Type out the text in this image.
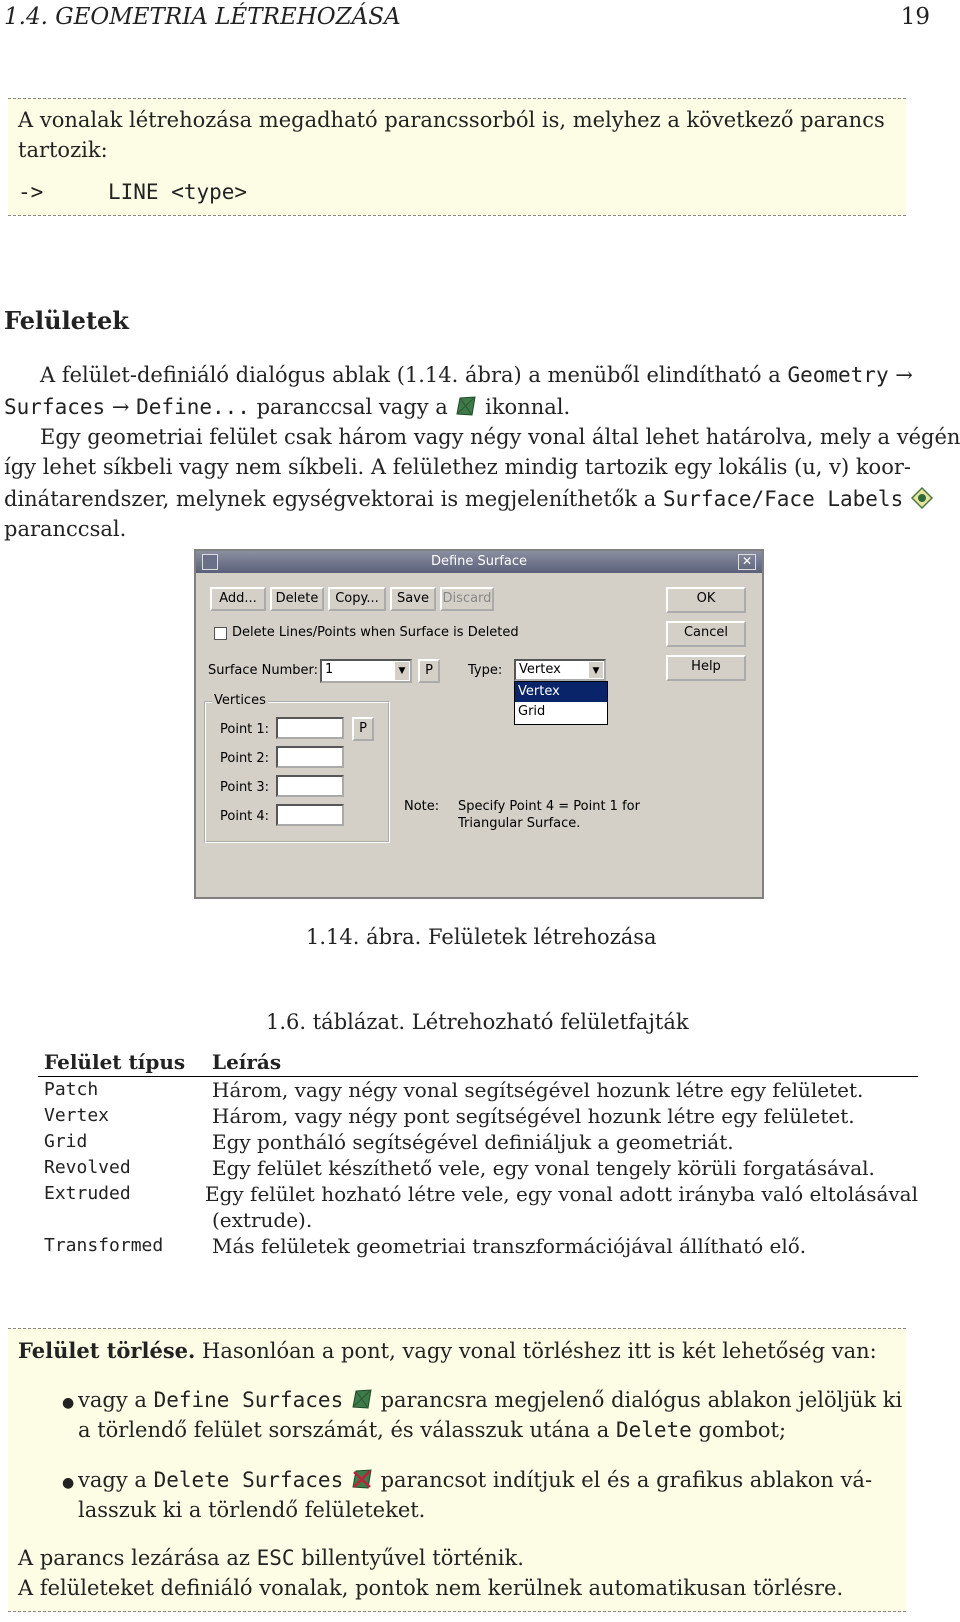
1.4. GEOMETRIA LÉTREHOZÁSA	19
A vonalak létrehozása megadható parancssorból is, melyhez a következő parancs
tartozik:
->	LINE <type>
Felületek
A felület-definiáló dialógus ablak (1.14. ábra) a menüből elindítható a Geometry →
Surfaces → Define... paranccsal vagy a  ikonnal.
Egy geometriai felület csak három vagy négy vonal által lehet határolva, mely a végén
így lehet síkbeli vagy nem síkbeli. A felülethez mindig tartozik egy lokális (u, v) koor-
dinátarendszer, melynek egységvektorai is megjeleníthetők a Surface/Face Labels
paranccsal.
Define Surface	✕
Add...	Delete	Copy...	Save	Discard	OK
Cancel
Help
Delete Lines/Points when Surface is Deleted
Surface Number: 1	▼	P	Type:	Vertex	▼
Vertex
Grid
Vertices
Point 1:	P
Point 2:
Point 3:
Point 4:
Note: Specify Point 4 = Point 1 for
Triangular Surface.
1.14. ábra. Felületek létrehozása
1.6. táblázat. Létrehozható felületfajták
Felület típus	Leírás
Patch	Három, vagy négy vonal segítségével hozunk létre egy felületet.
Vertex	Három, vagy négy pont segítségével hozunk létre egy felületet.
Grid	Egy pontháló segítségével definiáljuk a geometriát.
Revolved	Egy felület készíthető vele, egy vonal tengely körüli forgatásával.
Extruded	Egy felület hozható létre vele, egy vonal adott irányba való eltolásával
(extrude).
Transformed	Más felületek geometriai transzformációjával állítható elő.
Felület törlése. Hasonlóan a pont, vagy vonal törléshez itt is két lehetőség van:
● vagy a Define Surfaces  parancsra megjelenő dialógus ablakon jelöljük ki
a törlendő felület sorszámát, és válasszuk utána a Delete gombot;
● vagy a Delete Surfaces  parancsot indítjuk el és a grafikus ablakon vá-
lasszuk ki a törlendő felületeket.
A parancs lezárása az ESC billentyűvel történik.
A felületeket definiáló vonalak, pontok nem kerülnek automatikusan törlésre.
